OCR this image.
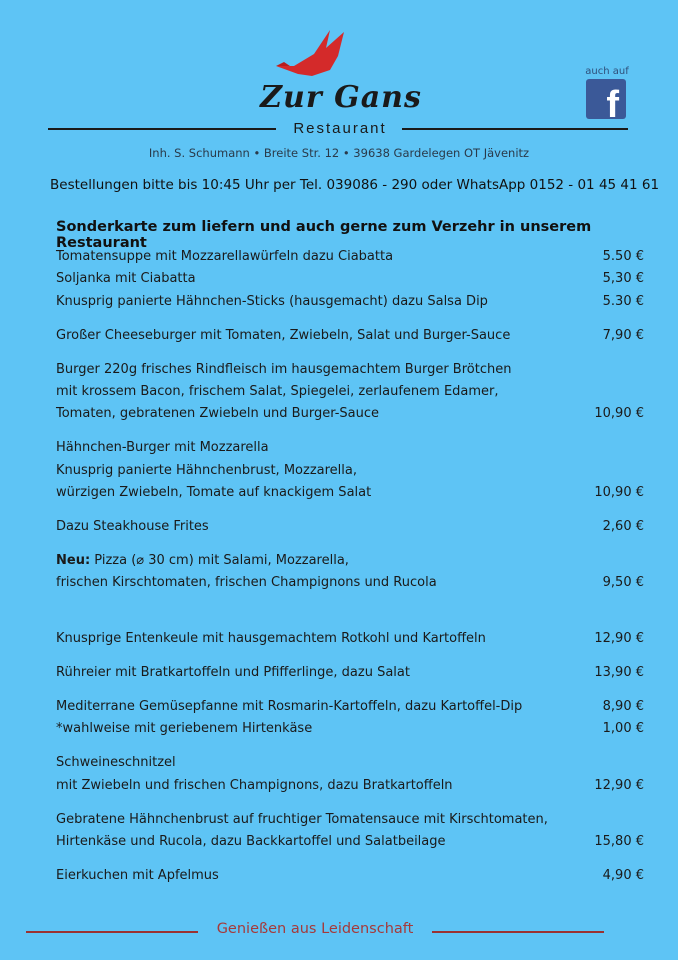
Zur Gans
Restaurant
auch auf
f
Inh. S. Schumann • Breite Str. 12 • 39638 Gardelegen OT Jävenitz
Bestellungen bitte bis 10:45 Uhr per Tel. 039086 - 290 oder WhatsApp 0152 - 01 45 41 61
Sonderkarte zum liefern und auch gerne zum Verzehr in unserem Restaurant
Tomatensuppe mit Mozzarellawürfeln dazu Ciabatta	5.50 €
Soljanka mit Ciabatta	5,30 €
Knusprig panierte Hähnchen-Sticks (hausgemacht) dazu Salsa Dip	5.30 €
Großer Cheeseburger mit Tomaten, Zwiebeln, Salat und Burger-Sauce	7,90 €
Burger 220g frisches Rindfleisch im hausgemachtem Burger Brötchen
mit krossem Bacon, frischem Salat, Spiegelei, zerlaufenem Edamer,
Tomaten, gebratenen Zwiebeln und Burger-Sauce	10,90 €
Hähnchen-Burger mit Mozzarella
Knusprig panierte Hähnchenbrust, Mozzarella,
würzigen Zwiebeln, Tomate auf knackigem Salat	10,90 €
Dazu Steakhouse Frites	2,60 €
Neu: Pizza (⌀ 30 cm) mit Salami, Mozzarella,
frischen Kirschtomaten, frischen Champignons und Rucola	9,50 €
Knusprige Entenkeule mit hausgemachtem Rotkohl und Kartoffeln	12,90 €
Rühreier mit Bratkartoffeln und Pfifferlinge, dazu Salat	13,90 €
Mediterrane Gemüsepfanne mit Rosmarin-Kartoffeln, dazu Kartoffel-Dip	8,90 €
*wahlweise mit geriebenem Hirtenkäse	1,00 €
Schweineschnitzel
mit Zwiebeln und frischen Champignons, dazu Bratkartoffeln	12,90 €
Gebratene Hähnchenbrust auf fruchtiger Tomatensauce mit Kirschtomaten,
Hirtenkäse und Rucola, dazu Backkartoffel und Salatbeilage	15,80 €
Eierkuchen mit Apfelmus	4,90 €
Genießen aus Leidenschaft
